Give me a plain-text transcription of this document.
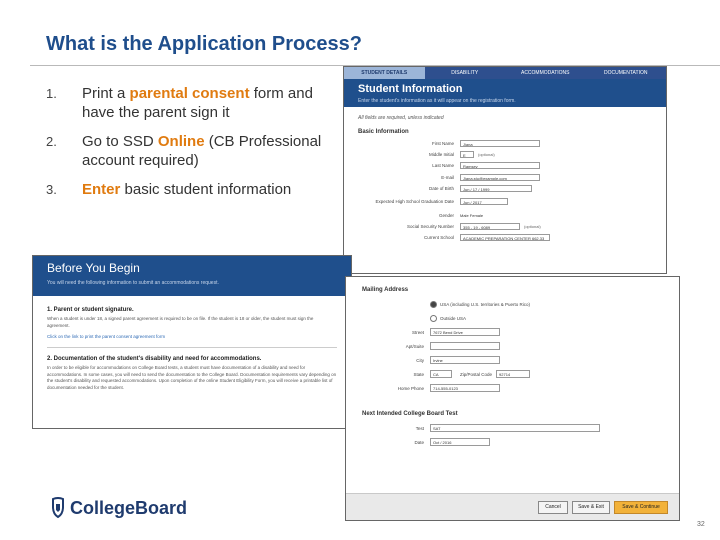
What is the Application Process?
1. Print a parental consent form and have the parent sign it
2. Go to SSD Online (CB Professional account required)
3. Enter basic student information
STUDENT DETAILS	DISABILITY	ACCOMMODATIONS	DOCUMENTATION
Student Information
Enter the student's information as it will appear on the registration form.
All fields are required, unless indicated
Basic Information
First Name	Jiana
Middle Initial	E	(optional)
Last Name	Ramsey
E-mail	Jiana.stu@example.com
Date of Birth	Jun / 17 / 1999
Expected High School Graduation Date	Jun / 2017
Gender	Male Female
Social Security Number	355 - 19 - 6089	(optional)
Current School	ACADEMIC PREPARATION CENTER 662.33
Before You Begin
You will need the following information to submit an accommodations request.
1. Parent or student signature.
When a student is under 18, a signed parent agreement is required to be on file. If the student is 18 or older, the student must sign the agreement.
Click on the link to print the parent consent agreement form
2. Documentation of the student's disability and need for accommodations.
In order to be eligible for accommodations on College Board tests, a student must have documentation of a disability and need for accommodations. In some cases, you will need to send the documentation to the College Board. Documentation requirements vary depending on the student's disability and requested accommodations. Upon completion of the online Student Eligibility Form, you will receive a printable list of documentation needed for the student.
Mailing Address
USA (including U.S. territories & Puerto Rico)
Outside USA
Street	7672 Bend Drive
Apt/Suite
City	Irvine
State	CA	Zip/Postal Code	92714
Home Phone	714-555-0123
Next Intended College Board Test
Test	SAT
Date	Oct / 2016
Cancel	Save & Exit	Save & Continue
CollegeBoard
32
